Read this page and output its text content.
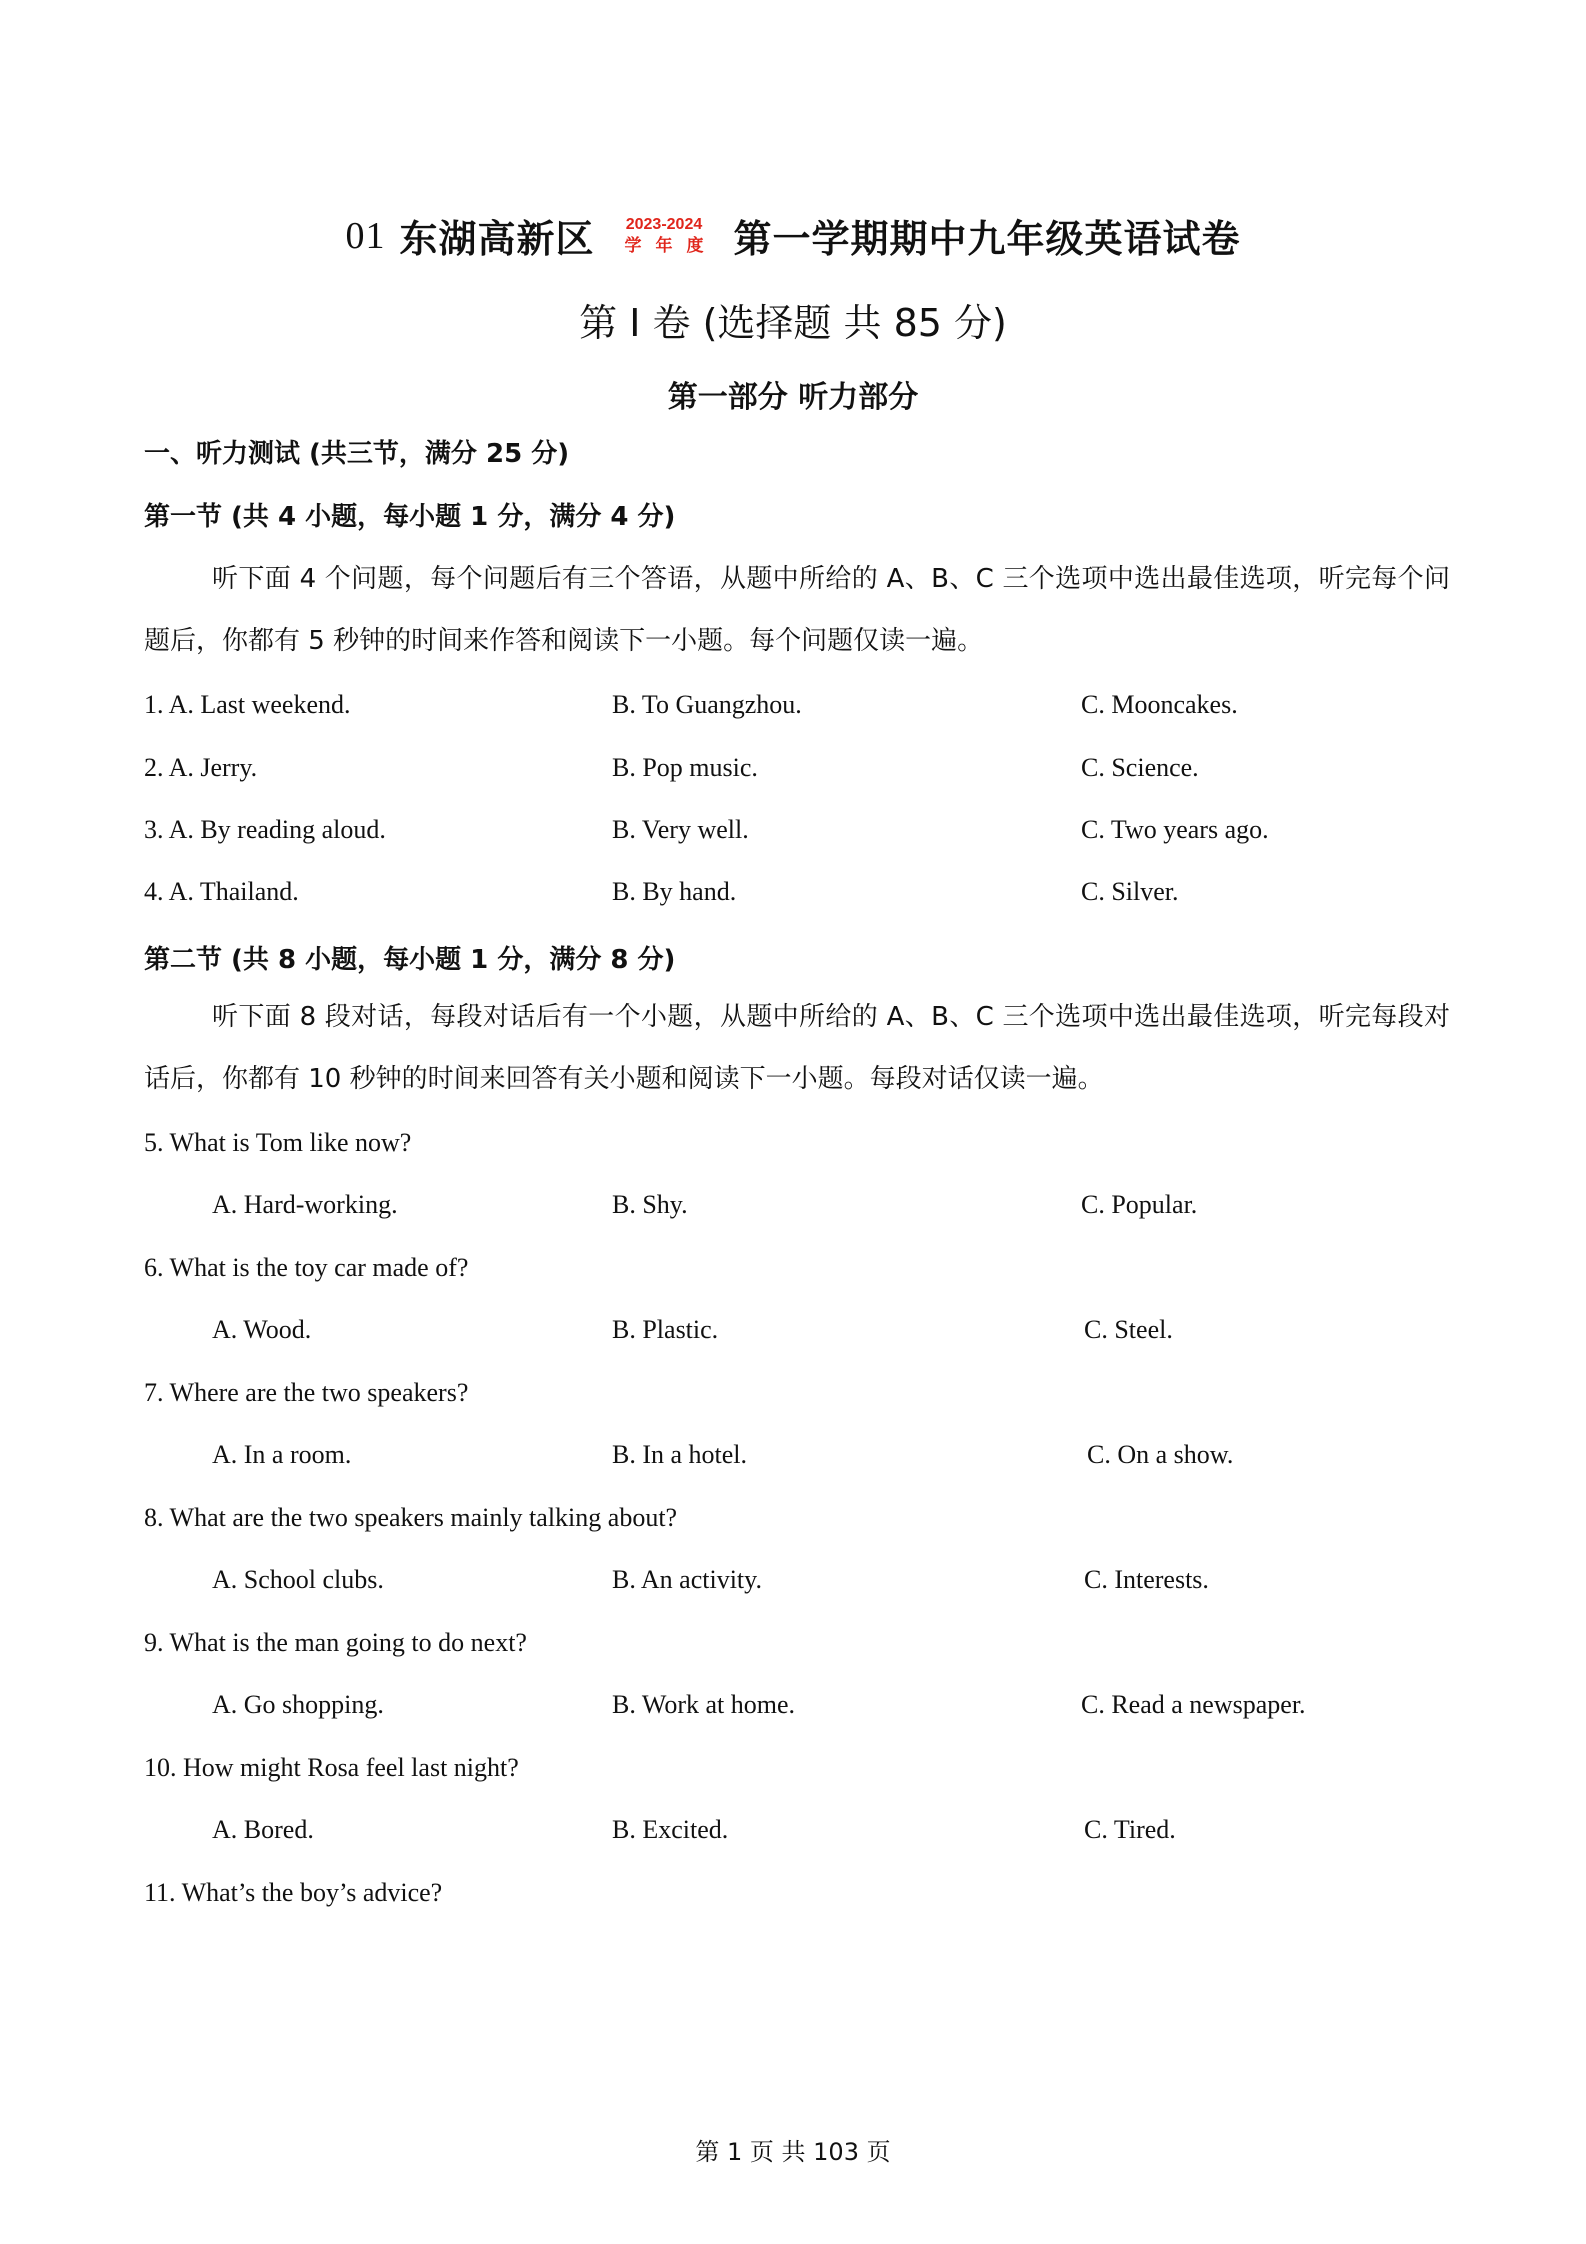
01 东湖高新区 2023-2024
学年度 第一学期期中九年级英语试卷
第 I 卷 (选择题 共 85 分)
第一部分 听力部分
一、听力测试 (共三节，满分 25 分)
第一节 (共 4 小题，每小题 1 分，满分 4 分)
听下面 4 个问题，每个问题后有三个答语，从题中所给的 A、B、C 三个选项中选出最佳选项，听完每个问题后，你都有 5 秒钟的时间来作答和阅读下一小题。每个问题仅读一遍。
1. A. Last weekend.	B. To Guangzhou.	C. Mooncakes.
2. A. Jerry.	B. Pop music.	C. Science.
3. A. By reading aloud.	B. Very well.	C. Two years ago.
4. A. Thailand.	B. By hand.	C. Silver.
第二节 (共 8 小题，每小题 1 分，满分 8 分)
听下面 8 段对话，每段对话后有一个小题，从题中所给的 A、B、C 三个选项中选出最佳选项，听完每段对话后，你都有 10 秒钟的时间来回答有关小题和阅读下一小题。每段对话仅读一遍。
5. What is Tom like now?
A. Hard-working.	B. Shy.	C. Popular.
6. What is the toy car made of?
A. Wood.	B. Plastic.	C. Steel.
7. Where are the two speakers?
A. In a room.	B. In a hotel.	C. On a show.
8. What are the two speakers mainly talking about?
A. School clubs.	B. An activity.	C. Interests.
9. What is the man going to do next?
A. Go shopping.	B. Work at home.	C. Read a newspaper.
10. How might Rosa feel last night?
A. Bored.	B. Excited.	C. Tired.
11. What’s the boy’s advice?
第 1 页 共 103 页
